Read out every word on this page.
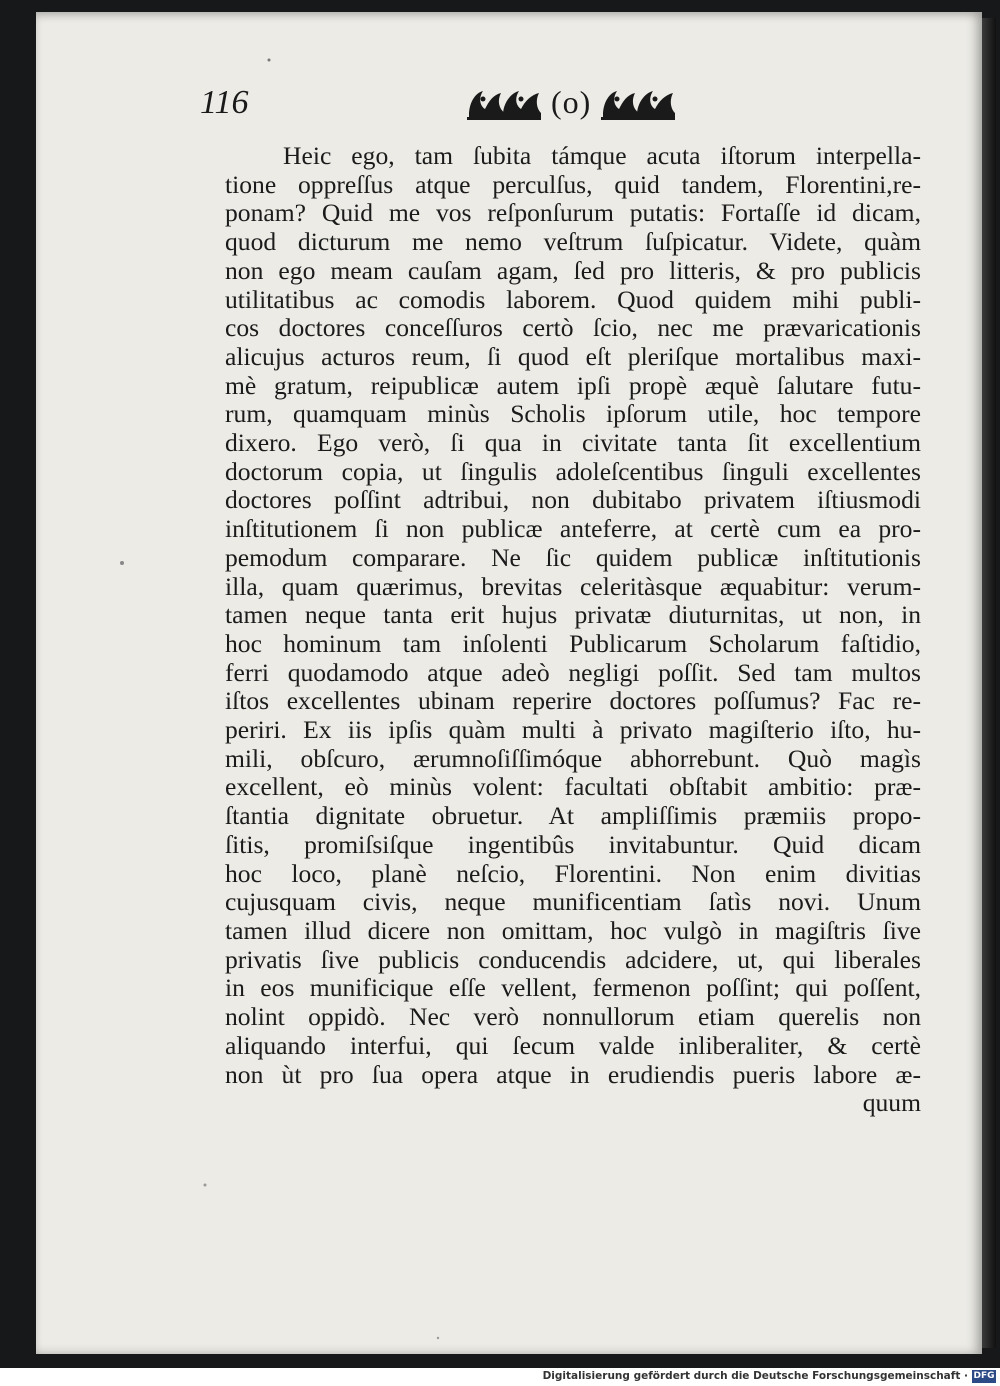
116	(o)
Heic ego, tam ſubita támque acuta iſtorum interpella-
tione oppreſſus atque perculſus, quid tandem, Florentini,re-
ponam? Quid me vos reſponſurum putatis: Fortaſſe id dicam,
quod dicturum me nemo veſtrum ſuſpicatur. Videte, quàm
non ego meam cauſam agam, ſed pro litteris, & pro publicis
utilitatibus ac comodis laborem. Quod quidem mihi publi-
cos doctores conceſſuros certò ſcio, nec me prævaricationis
alicujus acturos reum, ſi quod eſt pleriſque mortalibus maxi-
mè gratum, reipublicæ autem ipſi propè æquè ſalutare futu-
rum, quamquam minùs Scholis ipſorum utile, hoc tempore
dixero. Ego verò, ſi qua in civitate tanta ſit excellentium
doctorum copia, ut ſingulis adoleſcentibus ſinguli excellentes
doctores poſſint adtribui, non dubitabo privatem iſtiusmodi
inſtitutionem ſi non publicæ anteferre, at certè cum ea pro-
pemodum comparare. Ne ſic quidem publicæ inſtitutionis
illa, quam quærimus, brevitas celeritàsque æquabitur: verum-
tamen neque tanta erit hujus privatæ diuturnitas, ut non, in
hoc hominum tam inſolenti Publicarum Scholarum faſtidio,
ferri quodamodo atque adeò negligi poſſit. Sed tam multos
iſtos excellentes ubinam reperire doctores poſſumus? Fac re-
periri. Ex iis ipſis quàm multi à privato magiſterio iſto, hu-
mili, obſcuro, ærumnoſiſſimóque abhorrebunt. Quò magìs
excellent, eò minùs volent: facultati obſtabit ambitio: præ-
ſtantia dignitate obruetur. At ampliſſimis præmiis propo-
ſitis, promiſsiſque ingentibûs invitabuntur. Quid dicam
hoc loco, planè neſcio, Florentini. Non enim divitias
cujusquam civis, neque munificentiam ſatìs novi. Unum
tamen illud dicere non omittam, hoc vulgò in magiſtris ſive
privatis ſive publicis conducendis adcidere, ut, qui liberales
in eos munificique eſſe vellent, fermenon poſſint; qui poſſent,
nolint oppidò. Nec verò nonnullorum etiam querelis non
aliquando interfui, qui ſecum valde inliberaliter, & certè
non ùt pro ſua opera atque in erudiendis pueris labore æ-
quum
Digitalisierung gefördert durch die Deutsche Forschungsgemeinschaft · DFG
